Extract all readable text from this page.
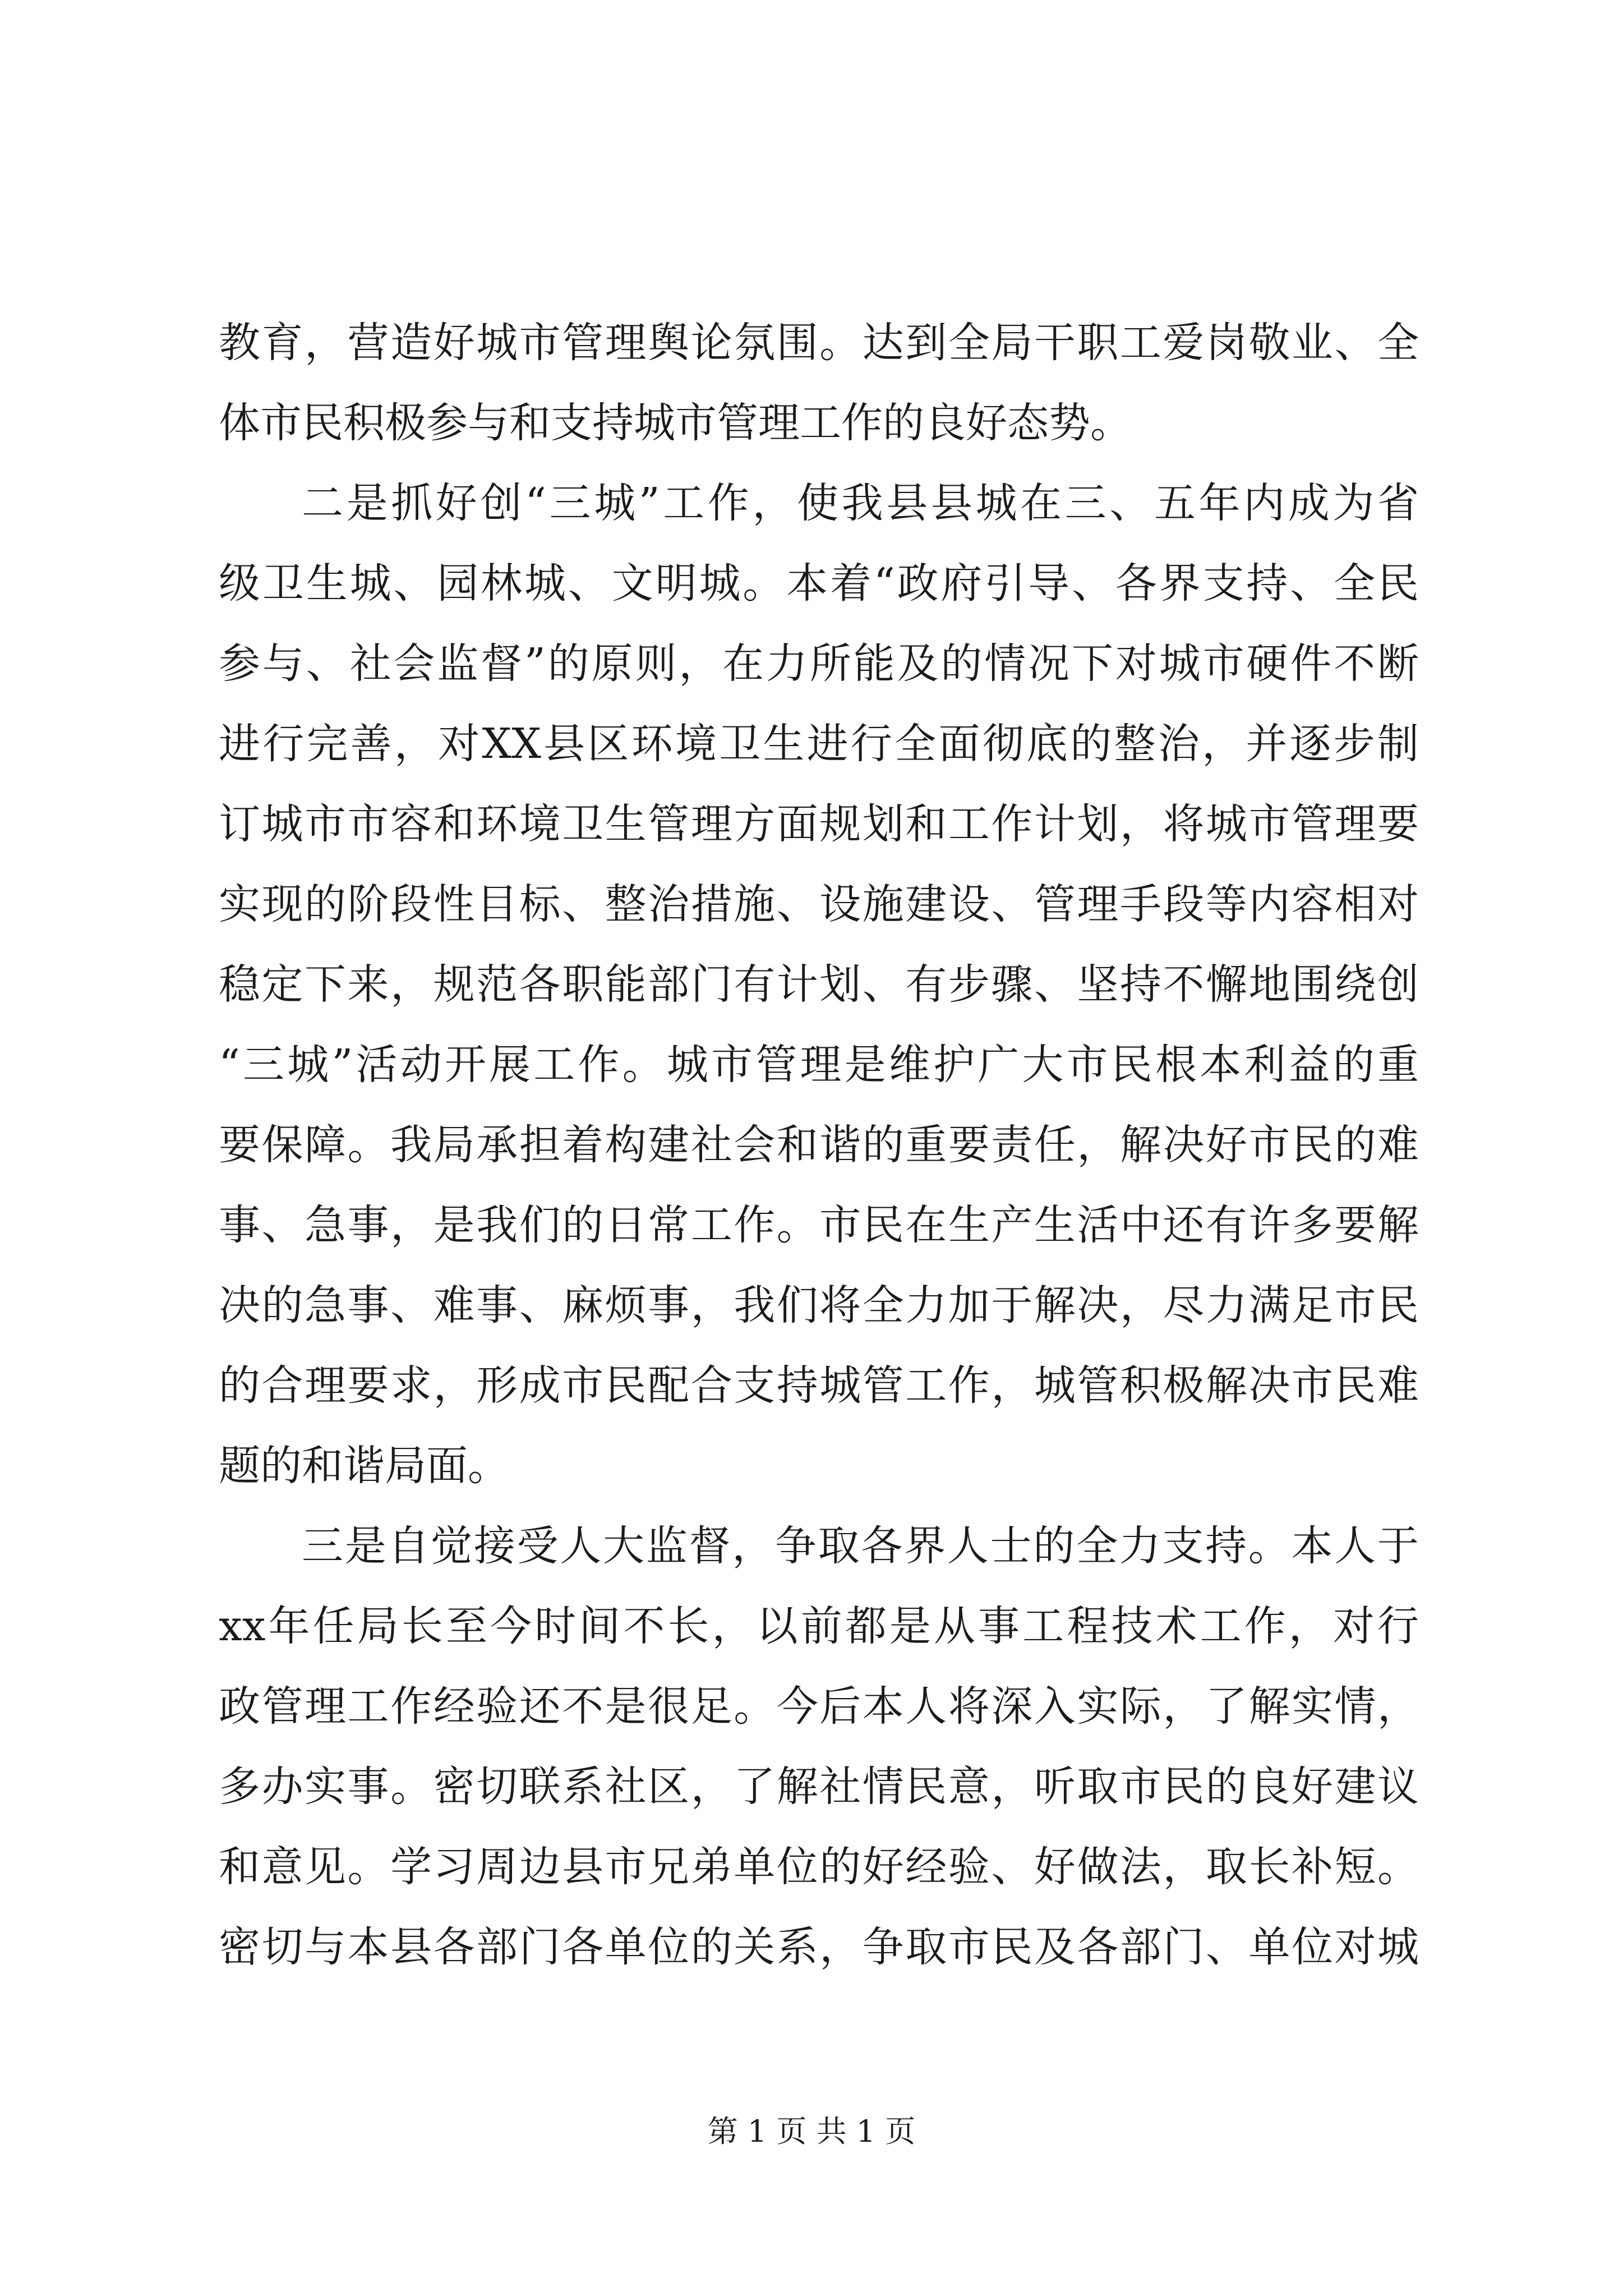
教育，营造好城市管理舆论氛围。达到全局干职工爱岗敬业、全
体市民积极参与和支持城市管理工作的良好态势。
二是抓好创“三城”工作，使我县县城在三、五年内成为省
级卫生城、园林城、文明城。本着“政府引导、各界支持、全民
参与、社会监督”的原则，在力所能及的情况下对城市硬件不断
进行完善，对XX县区环境卫生进行全面彻底的整治，并逐步制
订城市市容和环境卫生管理方面规划和工作计划，将城市管理要
实现的阶段性目标、整治措施、设施建设、管理手段等内容相对
稳定下来，规范各职能部门有计划、有步骤、坚持不懈地围绕创
“三城”活动开展工作。城市管理是维护广大市民根本利益的重
要保障。我局承担着构建社会和谐的重要责任，解决好市民的难
事、急事，是我们的日常工作。市民在生产生活中还有许多要解
决的急事、难事、麻烦事，我们将全力加于解决，尽力满足市民
的合理要求，形成市民配合支持城管工作，城管积极解决市民难
题的和谐局面。
三是自觉接受人大监督，争取各界人士的全力支持。本人于
xx年任局长至今时间不长，以前都是从事工程技术工作，对行
政管理工作经验还不是很足。今后本人将深入实际，了解实情，
多办实事。密切联系社区，了解社情民意，听取市民的良好建议
和意见。学习周边县市兄弟单位的好经验、好做法，取长补短。
密切与本县各部门各单位的关系，争取市民及各部门、单位对城
第 1 页 共 1 页
